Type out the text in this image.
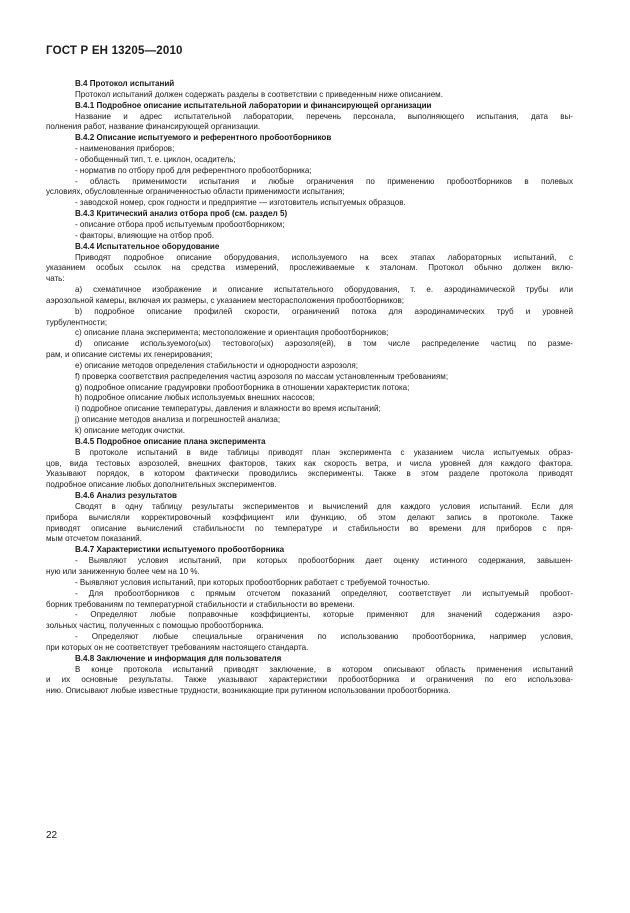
ГОСТ Р ЕН 13205—2010

В.4 Протокол испытаний

Протокол испытаний должен содержать разделы в соответствии с приведенным ниже описанием.

В.4.1 Подробное описание испытательной лаборатории и финансирующей организации

Название и адрес испытательной лаборатории, перечень персонала, выполняющего испытания, дата вы-

полнения работ, название финансирующей организации.

В.4.2 Описание испытуемого и референтного пробоотборников

- наименования приборов;

- обобщенный тип, т. е. циклон, осадитель;

- норматив по отбору проб для референтного пробоотборника;

- область применимости испытания и любые ограничения по применению пробоотборников в полевых

условиях, обусловленные ограниченностью области применимости испытания;

- заводской номер, срок годности и предприятие — изготовитель испытуемых образцов.

В.4.3 Критический анализ отбора проб (см. раздел 5)

- описание отбора проб испытуемым пробоотборником;

- факторы, влияющие на отбор проб.

В.4.4 Испытательное оборудование

Приводят подробное описание оборудования, используемого на всех этапах лабораторных испытаний, с

указанием особых ссылок на средства измерений, прослеживаемые к эталонам. Протокол обычно должен вклю-

чать:

а) схематичное изображение и описание испытательного оборудования, т. е. аэродинамической трубы или

аэрозольной камеры, включая их размеры, с указанием месторасположения пробоотборников;

b) подробное описание профилей скорости, ограничений потока для аэродинамических труб и уровней

турбулентности;

с) описание плана эксперимента; местоположение и ориентация пробоотборников;

d) описание используемого(ых) тестового(ых) аэрозоля(ей), в том числе распределение частиц по разме-

рам, и описание системы их генерирования;

е) описание методов определения стабильности и однородности аэрозоля;

f) проверка соответствия распределения частиц аэрозоля по массам установленным требованиям;

g) подробное описание градуировки пробоотборника в отношении характеристик потока;

h) подробное описание любых используемых внешних насосов;

i) подробное описание температуры, давления и влажности во время испытаний;

j) описание методов анализа и погрешностей анализа;

k) описание методик очистки.

В.4.5 Подробное описание плана эксперимента

В протоколе испытаний в виде таблицы приводят план эксперимента с указанием числа испытуемых образ-

цов, вида тестовых аэрозолей, внешних факторов, таких как скорость ветра, и числа уровней для каждого фактора.

Указывают порядок, в котором фактически проводились эксперименты. Также в этом разделе протокола приводят

подробное описание любых дополнительных экспериментов.

В.4.6 Анализ результатов

Сводят в одну таблицу результаты экспериментов и вычислений для каждого условия испытаний. Если для

прибора вычисляли корректировочный коэффициент или функцию, об этом делают запись в протоколе. Также

приводят описание вычислений стабильности по температуре и стабильности во времени для приборов с пря-

мым отсчетом показаний.

В.4.7 Характеристики испытуемого пробоотборника

- Выявляют условия испытаний, при которых пробоотборник дает оценку истинного содержания, завышен-

ную или заниженную более чем на 10 %.

- Выявляют условия испытаний, при которых пробоотборник работает с требуемой точностью.

- Для пробоотборников с прямым отсчетом показаний определяют, соответствует ли испытуемый пробоот-

борник требованиям по температурной стабильности и стабильности во времени.

- Определяют любые поправочные коэффициенты, которые применяют для значений содержания аэро-

зольных частиц, полученных с помощью пробоотборника.

- Определяют любые специальные ограничения по использованию пробоотборника, например условия,

при которых он не соответствует требованиям настоящего стандарта.

В.4.8 Заключение и информация для пользователя

В конце протокола испытаний приводят заключение, в котором описывают область применения испытаний

и их основные результаты. Также указывают характеристики пробоотборника и ограничения по его использова-

нию. Описывают любые известные трудности, возникающие при рутинном использовании пробоотборника.

22
